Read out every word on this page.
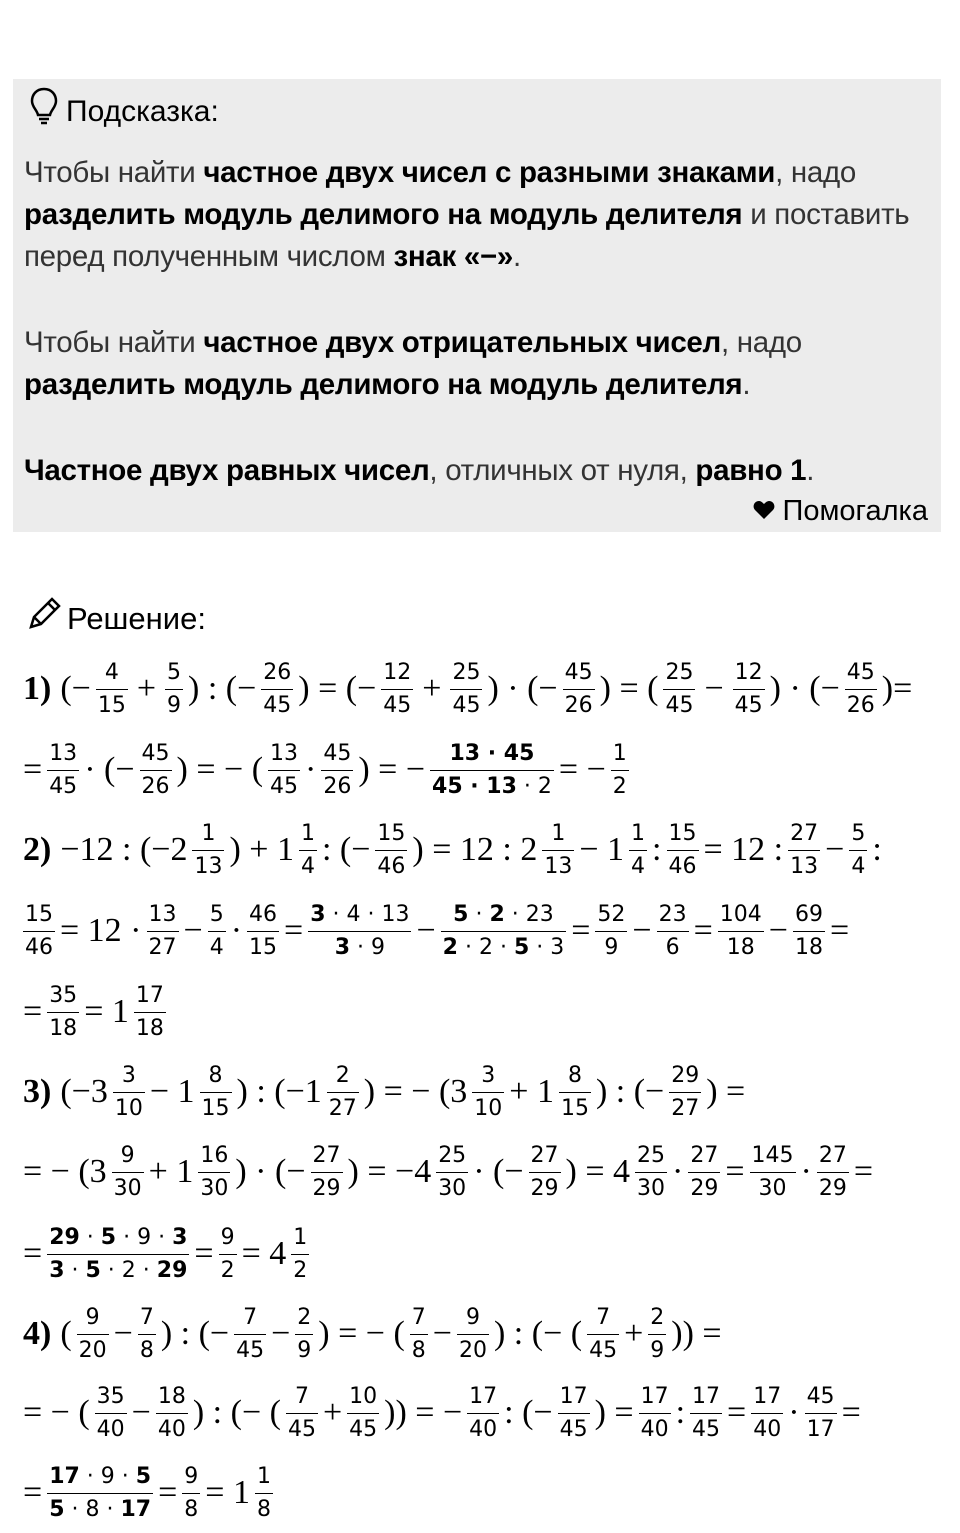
Подсказка:
Чтобы найти частное двух чисел с разными знаками, надо разделить модуль делимого на модуль делителя и поставить перед полученным числом знак «−».
Чтобы найти частное двух отрицательных чисел, надо разделить модуль делимого на модуль делителя.
Частное двух равных чисел, отличных от нуля, равно 1.
Помогалка
Решение:
1) (− 4
$15 + \frac{5}{9}$ ) : (− 26
45 ) = (− 12
$45 + \frac{25}{45}$ ) · (− 45
26 ) = ( 25
$45 - \frac{12}{45}$ ) · (− 45
26 )=
= 13
45 · (− 45
26 ) = − ( 13
45 · 45
26 ) = − 13 · 45
45 · 13 · 2 = − 1
2
2) −12 : (−2 1
13 ) + 1 1
4 : (− 15
46 ) = 12 : 2 1
13 − 1 1
4 : 15
46 = 12 : 27
13 − 5
4 :
15
46 = 12 · 13
27 − 5
4 · 46
15 = 3 · 4 · 13
3 · 9 − 5 · 2 · 23
2 · 2 · 5 · 3 = 52
9 − 23
6 = 104
18 − 69
18 =
= 35
18 = 1 17
18
3) (−3 3
10 − 1 8
15 ) : (−1 2
27 ) = − (3 3
10 + 1 8
15 ) : (− 29
27 ) =
= − (3 9
30 + 1 16
30 ) · (− 27
29 ) = −4 25
30 · (− 27
29 ) = 4 25
30 · 27
29 = 145
30 · 27
29 =
= 29 · 5 · 9 · 3
3 · 5 · 2 · 29 = 9
2 = 4 1
2
4) ( 9
20 − 7
8 ) : (− 7
45 − 2
9 ) = − ( 7
8 − 9
20 ) : (− ( 7
45 + 2
9 )) =
= − ( 35
40 − 18
40 ) : (− ( 7
45 + 10
45 )) = − 17
40 : (− 17
45 ) = 17
40 : 17
45 = 17
40 · 45
17 =
= 17 · 9 · 5
5 · 8 · 17 = 9
8 = 1 1
8
